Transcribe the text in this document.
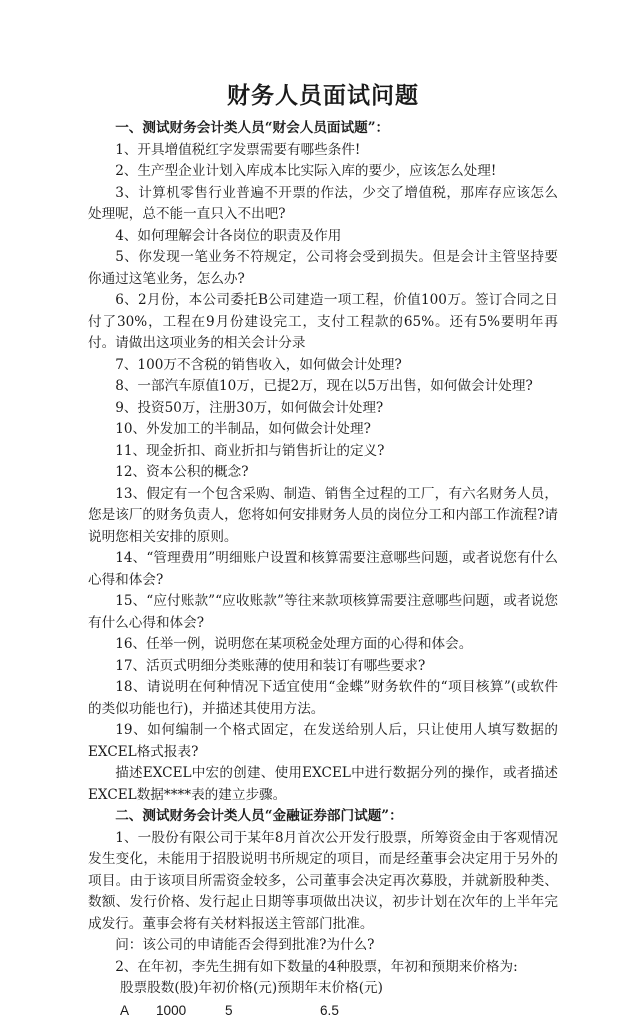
财务人员面试问题

一、测试财务会计类人员“财会人员面试题”：

1、开具增值税红字发票需要有哪些条件!

2、生产型企业计划入库成本比实际入库的要少，应该怎么处理!

3、计算机零售行业普遍不开票的作法，少交了增值税，那库存应该怎么处理呢，总不能一直只入不出吧?

4、如何理解会计各岗位的职责及作用

5、你发现一笔业务不符规定，公司将会受到损失。但是会计主管坚持要你通过这笔业务，怎么办?

6、2月份，本公司委托B公司建造一项工程，价值100万。签订合同之日付了30%，工程在9月份建设完工，支付工程款的65%。还有5%要明年再付。请做出这项业务的相关会计分录

7、100万不含税的销售收入，如何做会计处理?

8、一部汽车原值10万，已提2万，现在以5万出售，如何做会计处理?

9、投资50万，注册30万，如何做会计处理?

10、外发加工的半制品，如何做会计处理?

11、现金折扣、商业折扣与销售折让的定义?

12、资本公积的概念?

13、假定有一个包含采购、制造、销售全过程的工厂，有六名财务人员，您是该厂的财务负责人，您将如何安排财务人员的岗位分工和内部工作流程?请说明您相关安排的原则。

14、“管理费用”明细账户设置和核算需要注意哪些问题，或者说您有什么心得和体会?

15、“应付账款”“应收账款”等往来款项核算需要注意哪些问题，或者说您有什么心得和体会?

16、任举一例，说明您在某项税金处理方面的心得和体会。

17、活页式明细分类账薄的使用和装订有哪些要求?

18、请说明在何种情况下适宜使用“金蝶”财务软件的“项目核算”(或软件的类似功能也行)，并描述其使用方法。

19、如何编制一个格式固定，在发送给别人后，只让使用人填写数据的EXCEL格式报表?

描述EXCEL中宏的创建、使用EXCEL中进行数据分列的操作，或者描述EXCEL数据****表的建立步骤。

二、测试财务会计类人员“金融证券部门试题”：

1、一股份有限公司于某年8月首次公开发行股票，所筹资金由于客观情况发生变化，未能用于招股说明书所规定的项目，而是经董事会决定用于另外的项目。由于该项目所需资金较多，公司董事会决定再次募股，并就新股种类、数额、发行价格、发行起止日期等事项做出决议，初步计划在次年的上半年完成发行。董事会将有关材料报送主管部门批准。

问：该公司的申请能否会得到批准?为什么?

2、在年初，李先生拥有如下数量的4种股票，年初和预期来价格为:

股票股数(股)年初价格(元)预期年末价格(元)

A 1000	5	6.5
